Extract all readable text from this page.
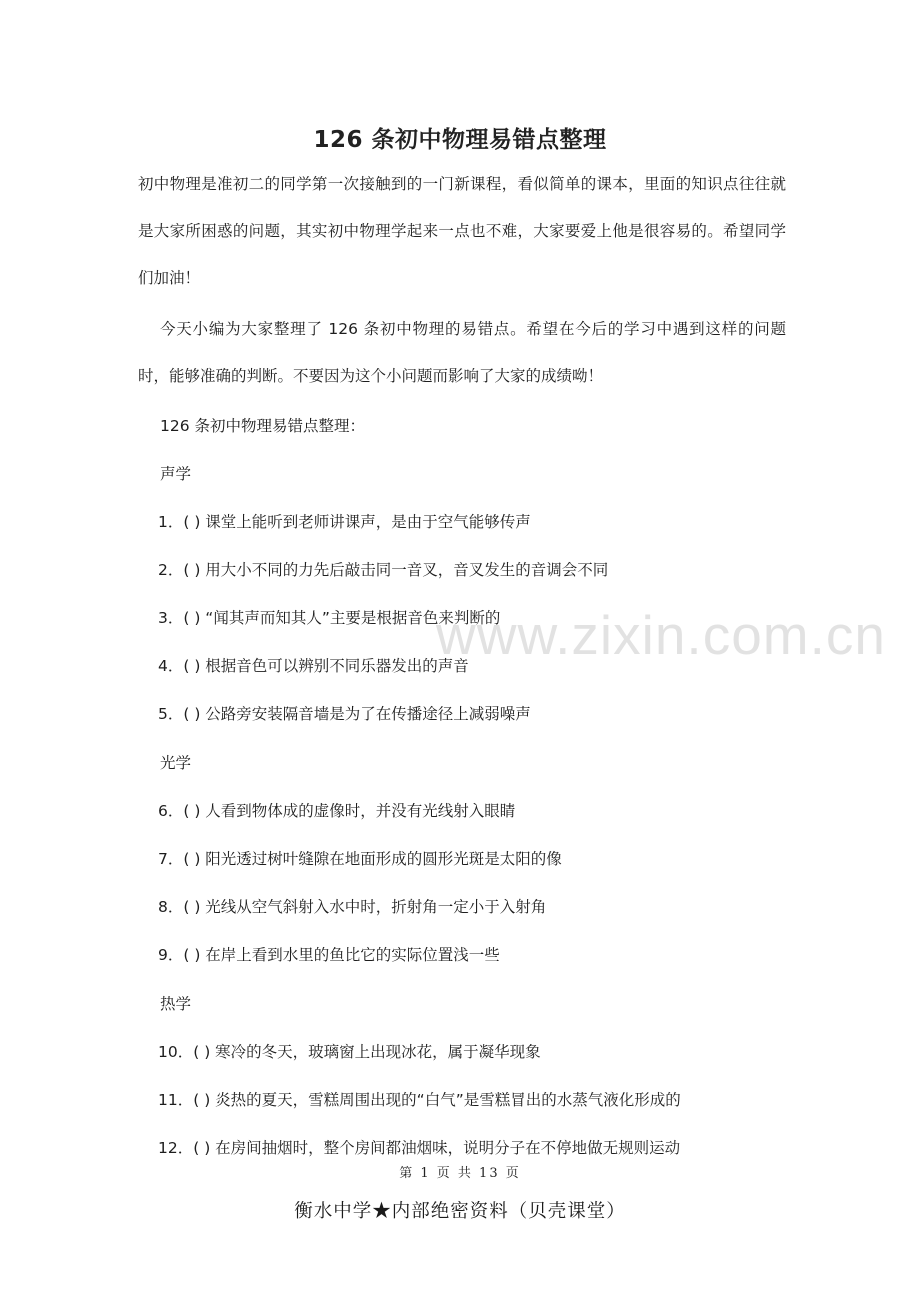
126 条初中物理易错点整理
初中物理是准初二的同学第一次接触到的一门新课程，看似简单的课本，里面的知识点往往就是大家所困惑的问题，其实初中物理学起来一点也不难，大家要爱上他是很容易的。希望同学们加油！
今天小编为大家整理了 126 条初中物理的易错点。希望在今后的学习中遇到这样的问题时，能够准确的判断。不要因为这个小问题而影响了大家的成绩呦！
126 条初中物理易错点整理：
声学
1．( ) 课堂上能听到老师讲课声，是由于空气能够传声
2．( ) 用大小不同的力先后敲击同一音叉，音叉发生的音调会不同
3．( ) “闻其声而知其人”主要是根据音色来判断的
4．( ) 根据音色可以辨别不同乐器发出的声音
5．( ) 公路旁安装隔音墙是为了在传播途径上减弱噪声
光学
6．( ) 人看到物体成的虚像时，并没有光线射入眼睛
7．( ) 阳光透过树叶缝隙在地面形成的圆形光斑是太阳的像
8．( ) 光线从空气斜射入水中时，折射角一定小于入射角
9．( ) 在岸上看到水里的鱼比它的实际位置浅一些
热学
10．( ) 寒冷的冬天，玻璃窗上出现冰花，属于凝华现象
11．( ) 炎热的夏天，雪糕周围出现的“白气”是雪糕冒出的水蒸气液化形成的
12．( ) 在房间抽烟时，整个房间都油烟味，说明分子在不停地做无规则运动
www.zixin.com.cn
第 1 页 共 13 页
衡水中学★内部绝密资料（贝壳课堂）
